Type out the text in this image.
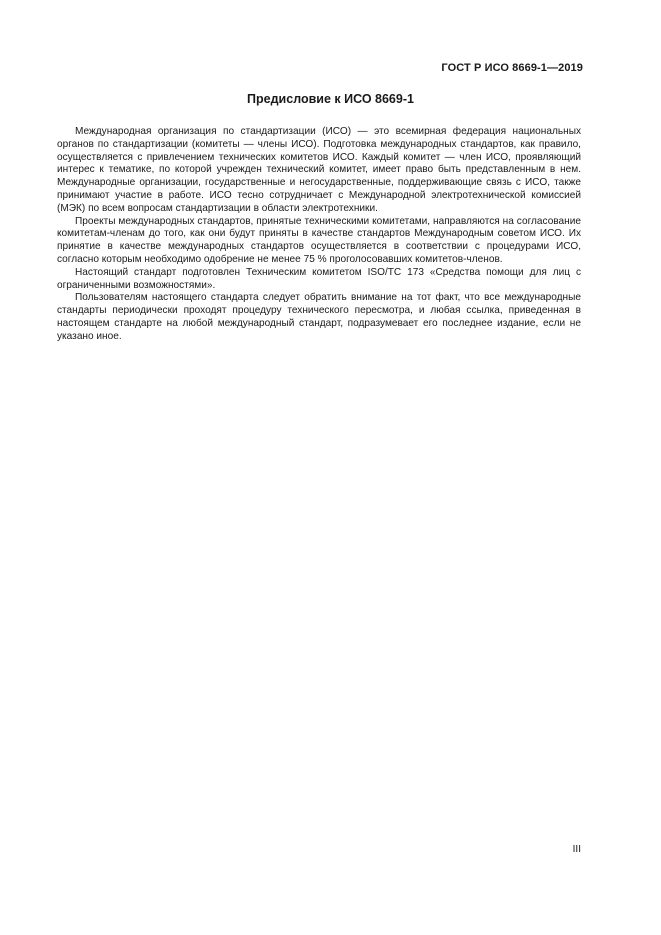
ГОСТ Р ИСО 8669-1—2019
Предисловие к ИСО 8669-1

Международная организация по стандартизации (ИСО) — это всемирная федерация национальных органов по стандартизации (комитеты — члены ИСО). Подготовка международных стандартов, как правило, осуществляется с привлечением технических комитетов ИСО. Каждый комитет — член ИСО, проявляющий интерес к тематике, по которой учрежден технический комитет, имеет право быть представленным в нем. Международные организации, государственные и негосударственные, поддерживающие связь с ИСО, также принимают участие в работе. ИСО тесно сотрудничает с Международной электротехнической комиссией (МЭК) по всем вопросам стандартизации в области электротехники.

Проекты международных стандартов, принятые техническими комитетами, направляются на согласование комитетам-членам до того, как они будут приняты в качестве стандартов Международным советом ИСО. Их принятие в качестве международных стандартов осуществляется в соответствии с процедурами ИСО, согласно которым необходимо одобрение не менее 75 % проголосовавших комитетов-членов.

Настоящий стандарт подготовлен Техническим комитетом ISO/TC 173 «Средства помощи для лиц с ограниченными возможностями».

Пользователям настоящего стандарта следует обратить внимание на тот факт, что все международные стандарты периодически проходят процедуру технического пересмотра, и любая ссылка, приведенная в настоящем стандарте на любой международный стандарт, подразумевает его последнее издание, если не указано иное.

III
